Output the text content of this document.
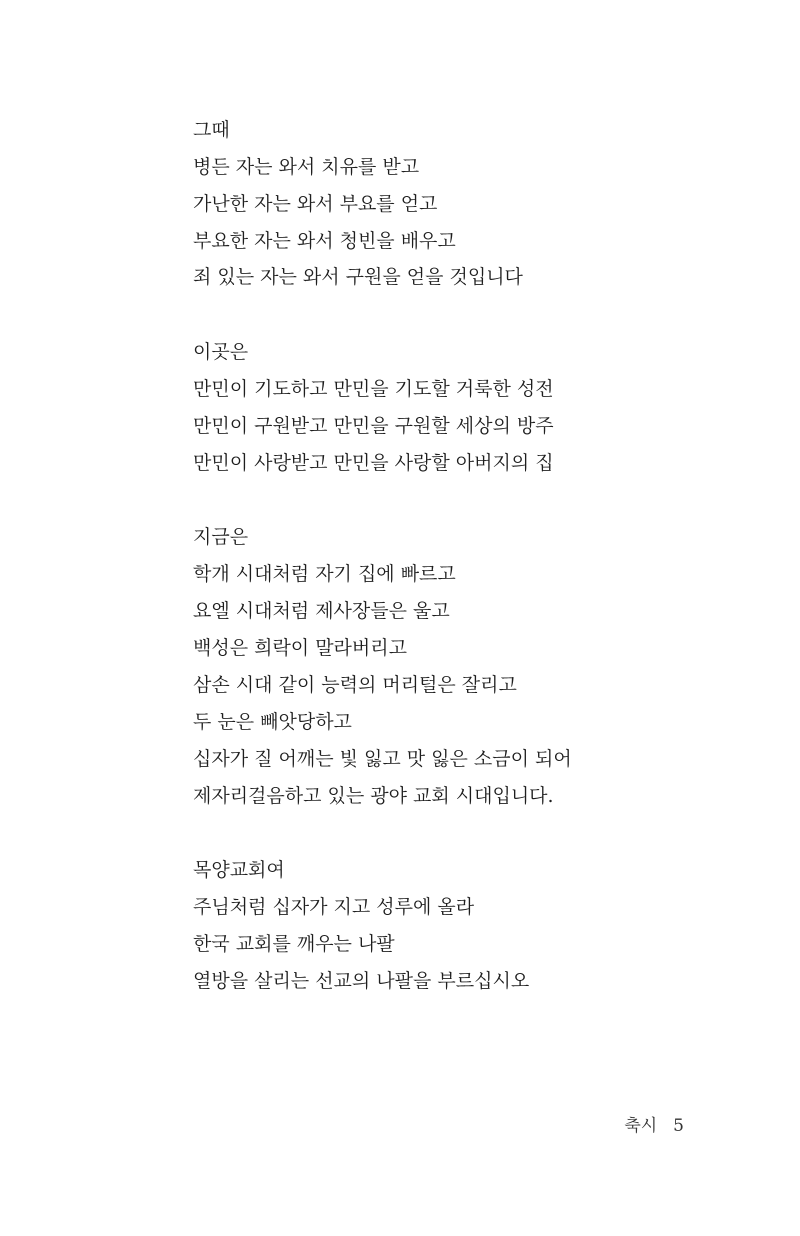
그때
병든 자는 와서 치유를 받고
가난한 자는 와서 부요를 얻고
부요한 자는 와서 청빈을 배우고
죄 있는 자는 와서 구원을 얻을 것입니다
이곳은
만민이 기도하고 만민을 기도할 거룩한 성전
만민이 구원받고 만민을 구원할 세상의 방주
만민이 사랑받고 만민을 사랑할 아버지의 집
지금은
학개 시대처럼 자기 집에 빠르고
요엘 시대처럼 제사장들은 울고
백성은 희락이 말라버리고
삼손 시대 같이 능력의 머리털은 잘리고
두 눈은 빼앗당하고
십자가 질 어깨는 빛 잃고 맛 잃은 소금이 되어
제자리걸음하고 있는 광야 교회 시대입니다.
목양교회여
주님처럼 십자가 지고 성루에 올라
한국 교회를 깨우는 나팔
열방을 살리는 선교의 나팔을 부르십시오
축시 5
